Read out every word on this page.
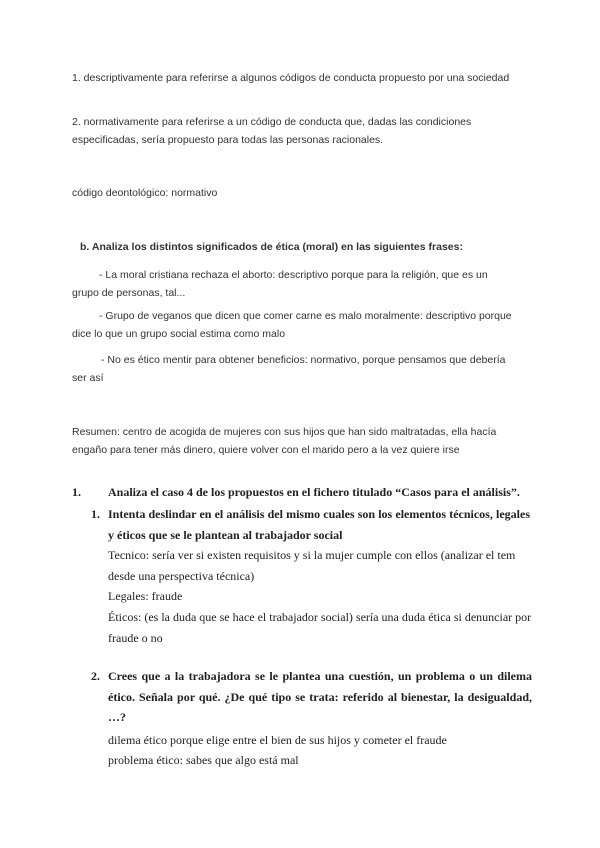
1. descriptivamente para referirse a algunos códigos de conducta propuesto por una sociedad

2. normativamente para referirse a un código de conducta que, dadas las condiciones especificadas, sería propuesto para todas las personas racionales.

código deontológico: normativo

b. Analiza los distintos significados de ética (moral) en las siguientes frases:

- La moral cristiana rechaza el aborto: descriptivo porque para la religión, que es un grupo de personas, tal...

- Grupo de veganos que dicen que comer carne es malo moralmente: descriptivo porque dice lo que un grupo social estima como malo

- No es ético mentir para obtener beneficios: normativo, porque pensamos que debería ser así

Resumen: centro de acogida de mujeres con sus hijos que han sido maltratadas, ella hacía engaño para tener más dinero, quiere volver con el marido pero a la vez quiere irse

1. Analiza el caso 4 de los propuestos en el fichero titulado “Casos para el análisis”.

1. Intenta deslindar en el análisis del mismo cuales son los elementos técnicos, legales y éticos que se le plantean al trabajador social

Tecnico: sería ver si existen requisitos y si la mujer cumple con ellos (analizar el tem desde una perspectiva técnica)

Legales: fraude

Éticos: (es la duda que se hace el trabajador social) sería una duda ética si denunciar por fraude o no

2. Crees que a la trabajadora se le plantea una cuestión, un problema o un dilema ético. Señala por qué. ¿De qué tipo se trata: referido al bienestar, la desigualdad, …?

dilema ético porque elige entre el bien de sus hijos y cometer el fraude

problema ético: sabes que algo está mal
